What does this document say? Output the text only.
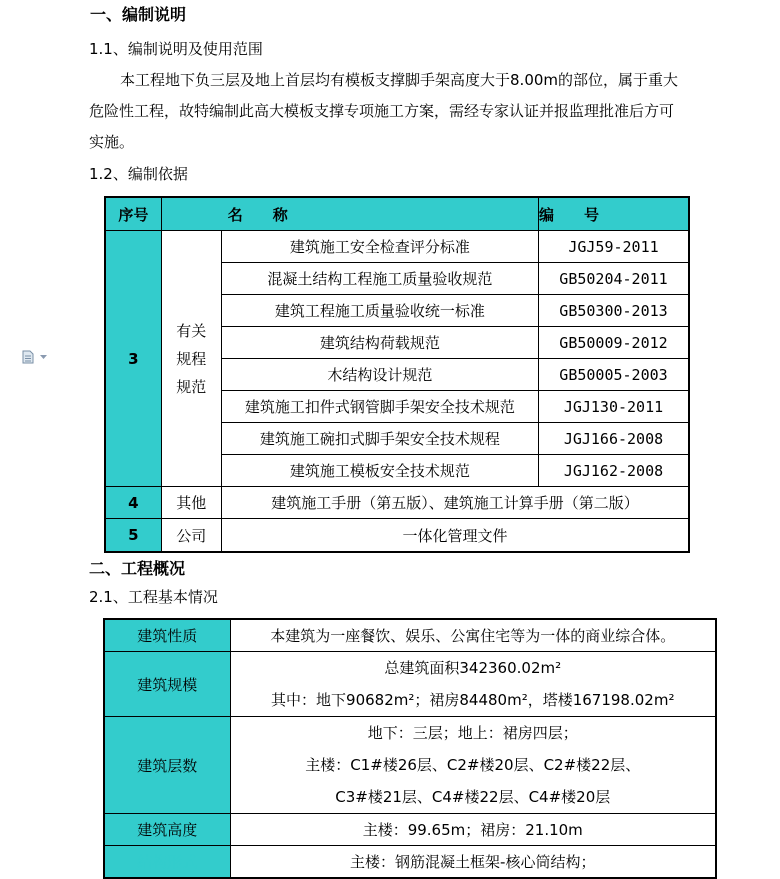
一、编制说明
1.1、编制说明及使用范围
本工程地下负三层及地上首层均有模板支撑脚手架高度大于8.00m的部位，属于重大
危险性工程，故特编制此高大模板支撑专项施工方案，需经专家认证并报监理批准后方可
实施。
1.2、编制依据
序号	名　　称		编　　号
3	有关
规程
规范	建筑施工安全检查评分标准	JGJ59-2011
		混凝土结构工程施工质量验收规范	GB50204-2011
		建筑工程施工质量验收统一标准	GB50300-2013
		建筑结构荷载规范	GB50009-2012
		木结构设计规范	GB50005-2003
		建筑施工扣件式钢管脚手架安全技术规范	JGJ130-2011
		建筑施工碗扣式脚手架安全技术规程	JGJ166-2008
		建筑施工模板安全技术规范	JGJ162-2008
4	其他	建筑施工手册（第五版）、建筑施工计算手册（第二版）	
5	公司	一体化管理文件	
二、工程概况
2.1、工程基本情况
建筑性质	本建筑为一座餐饮、娱乐、公寓住宅等为一体的商业综合体。
建筑规模	总建筑面积342360.02m²
其中：地下90682m²；裙房84480m²，塔楼167198.02m²

建筑层数	地下：三层；地上：裙房四层；
主楼：C1#楼26层、C2#楼20层、C2#楼22层、
C3#楼21层、C4#楼22层、C4#楼20层

建筑高度	主楼：99.65m；裙房：21.10m
结构形式	主楼：钢筋混凝土框架-核心筒结构；
